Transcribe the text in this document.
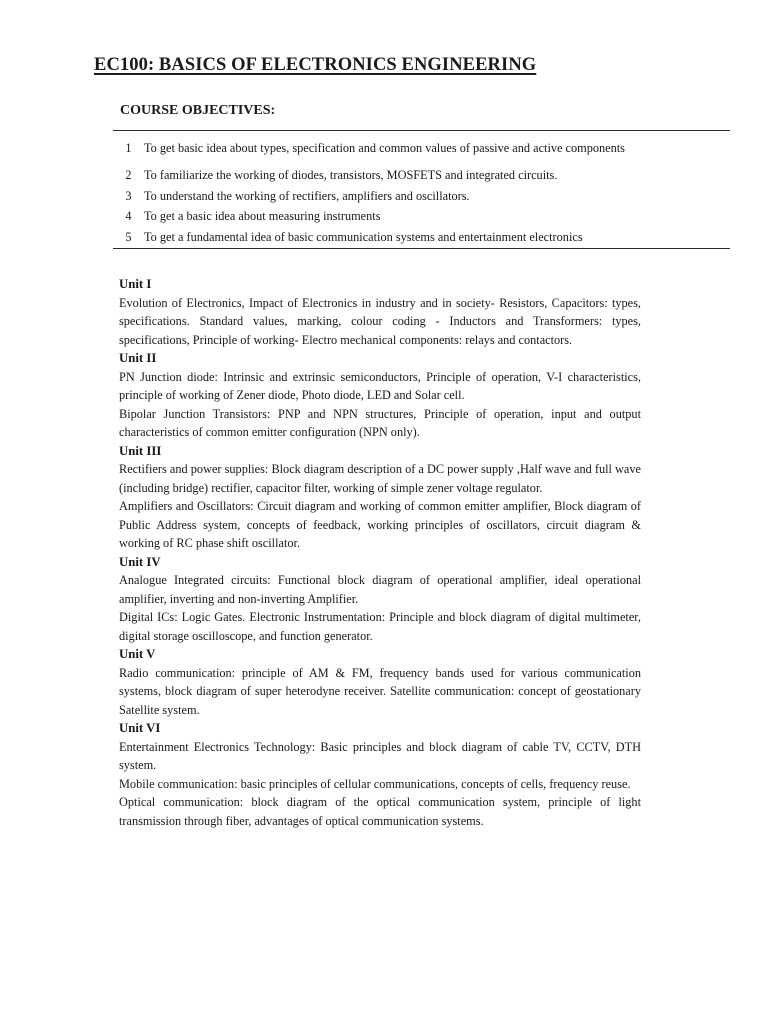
EC100: BASICS OF ELECTRONICS ENGINEERING
COURSE OBJECTIVES:
1	To get basic idea about types, specification and common values of passive and active components
2	To familiarize the working of diodes, transistors, MOSFETS and integrated circuits.
3	To understand the working of rectifiers, amplifiers and oscillators.
4	To get a basic idea about measuring instruments
5	To get a fundamental idea of basic communication systems and entertainment electronics
Unit I
Evolution of Electronics, Impact of Electronics in industry and in society- Resistors, Capacitors: types, specifications. Standard values, marking, colour coding - Inductors and Transformers: types, specifications, Principle of working- Electro mechanical components: relays and contactors.
Unit II
PN Junction diode: Intrinsic and extrinsic semiconductors, Principle of operation, V-I characteristics, principle of working of Zener diode, Photo diode, LED and Solar cell.
Bipolar Junction Transistors: PNP and NPN structures, Principle of operation, input and output characteristics of common emitter configuration (NPN only).
Unit III
Rectifiers and power supplies: Block diagram description of a DC power supply ,Half wave and full wave (including bridge) rectifier, capacitor filter, working of simple zener voltage regulator.
Amplifiers and Oscillators: Circuit diagram and working of common emitter amplifier, Block diagram of Public Address system, concepts of feedback, working principles of oscillators, circuit diagram & working of RC phase shift oscillator.
Unit IV
Analogue Integrated circuits: Functional block diagram of operational amplifier, ideal operational amplifier, inverting and non-inverting Amplifier.
Digital ICs: Logic Gates. Electronic Instrumentation: Principle and block diagram of digital multimeter, digital storage oscilloscope, and function generator.
Unit V
Radio communication: principle of AM & FM, frequency bands used for various communication systems, block diagram of super heterodyne receiver. Satellite communication: concept of geostationary Satellite system.
Unit VI
Entertainment Electronics Technology: Basic principles and block diagram of cable TV, CCTV, DTH system.
Mobile communication: basic principles of cellular communications, concepts of cells, frequency reuse.
Optical communication: block diagram of the optical communication system, principle of light transmission through fiber, advantages of optical communication systems.
